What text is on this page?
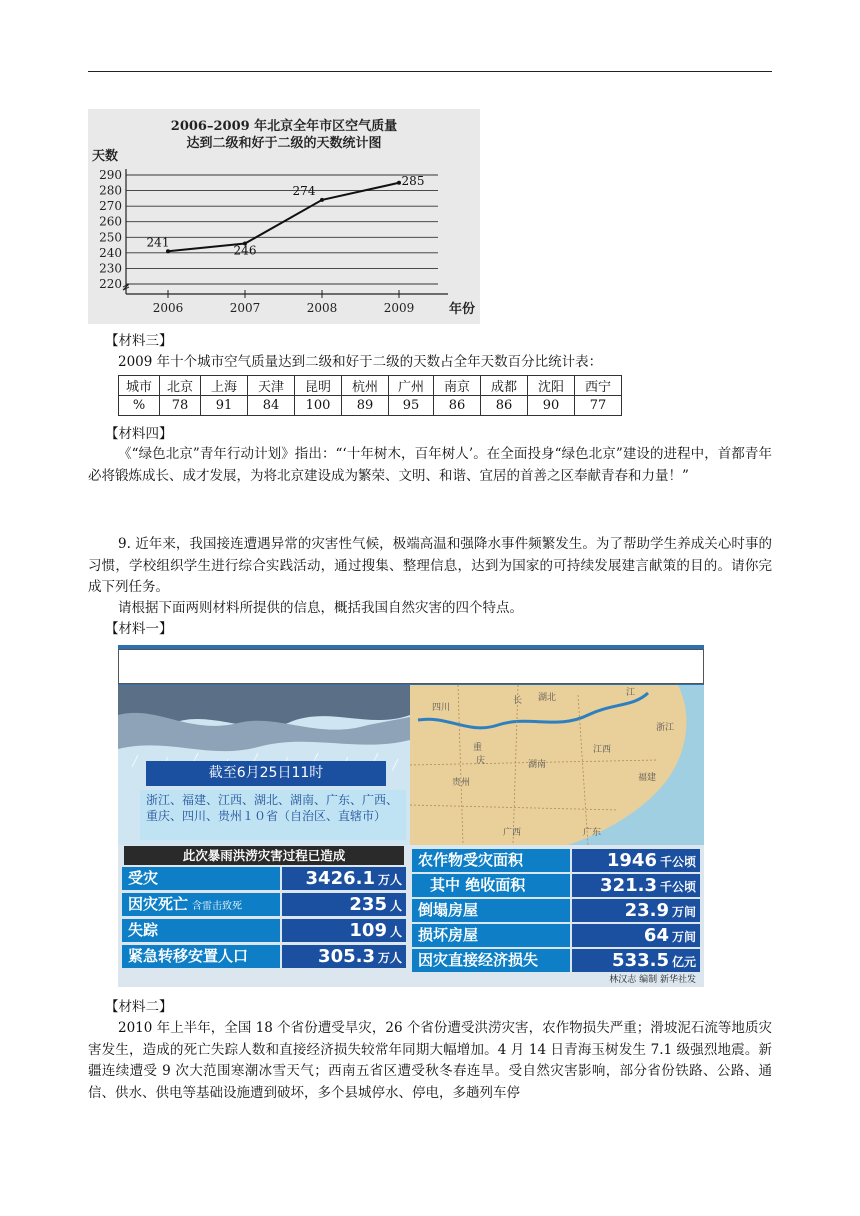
2006–2009 年北京全年市区空气质量
达到二级和好于二级的天数统计图
天数
年份
290
280
270
260
250
240
230
220
2006	2007	2008	2009
241
246
274
285
【材料三】
2009 年十个城市空气质量达到二级和好于二级的天数占全年天数百分比统计表：
城市	北京	上海	天津	昆明	杭州	广州	南京	成都	沈阳	西宁
%	78	91	84	100	89	95	86	86	90	77
【材料四】
《“绿色北京”青年行动计划》指出：“‘十年树木，百年树人’。在全面投身“绿色北京”建设的进程中，首都青年必将锻炼成长、成才发展，为将北京建设成为繁荣、文明、和谐、宜居的首善之区奉献青春和力量！”
9. 近年来，我国接连遭遇异常的灾害性气候，极端高温和强降水事件频繁发生。为了帮助学生养成关心时事的习惯，学校组织学生进行综合实践活动，通过搜集、整理信息，达到为国家的可持续发展建言献策的目的。请你完成下列任务。
请根据下面两则材料所提供的信息，概括我国自然灾害的四个特点。
【材料一】
四川
湖北
长
江
重
庆	湖南
江西
浙江
福建
贵州
广西	广东
截至6月25日11时
浙江、福建、江西、湖北、湖南、广东、广西、重庆、四川、贵州１０省（自治区、直辖市）
此次暴雨洪涝灾害过程已造成
受灾	3426.1 万人
因灾死亡 含雷击致死	235 人
失踪	109 人
紧急转移安置人口	305.3 万人
农作物受灾面积	1946 千公顷
其中 绝收面积	321.3 千公顷
倒塌房屋	23.9 万间
损坏房屋	64 万间
因灾直接经济损失	533.5 亿元
林汉志 编制 新华社发
【材料二】
2010 年上半年，全国 18 个省份遭受旱灾，26 个省份遭受洪涝灾害，农作物损失严重；滑坡泥石流等地质灾害发生，造成的死亡失踪人数和直接经济损失较常年同期大幅增加。4 月 14 日青海玉树发生 7.1 级强烈地震。新疆连续遭受 9 次大范围寒潮冰雪天气；西南五省区遭受秋冬春连旱。受自然灾害影响，部分省份铁路、公路、通信、供水、供电等基础设施遭到破坏，多个县城停水、停电，多趟列车停
